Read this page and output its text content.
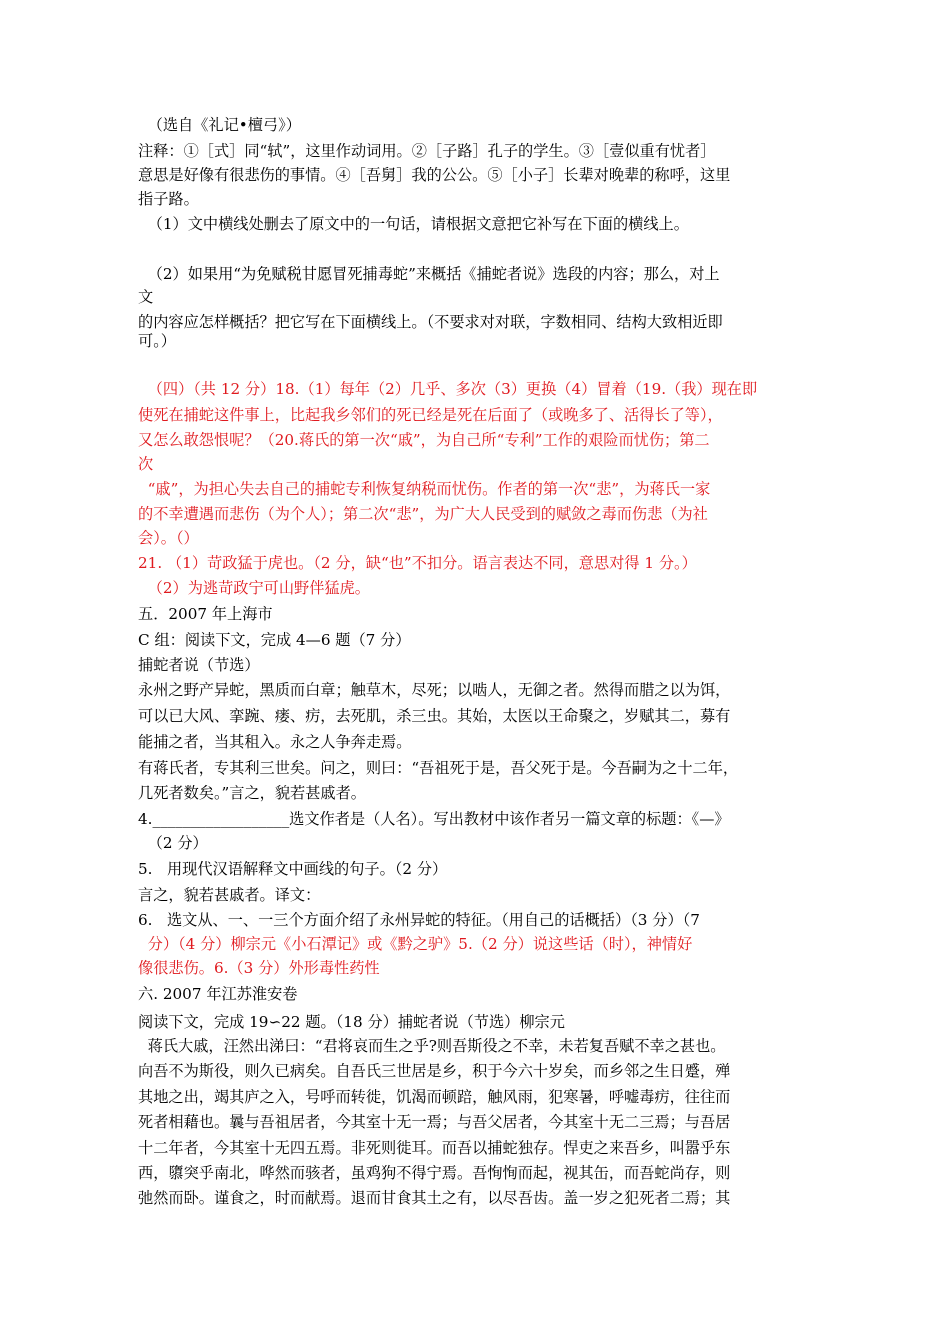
（选自《礼记•檀弓》）
注释：①［式］同“轼”，这里作动词用。②［子路］孔子的学生。③［壹似重有忧者］
意思是好像有很悲伤的事情。④［吾舅］我的公公。⑤［小子］长辈对晚辈的称呼，这里
指子路。
（1）文中横线处删去了原文中的一句话，请根据文意把它补写在下面的横线上。
（2）如果用“为免赋税甘愿冒死捕毒蛇”来概括《捕蛇者说》选段的内容；那么，对上
文
的内容应怎样概括？把它写在下面横线上。（不要求对对联，字数相同、结构大致相近即
可。）
（四）（共 12 分）18.（1）每年（2）几乎、多次（3）更换（4）冒着（19.（我）现在即
使死在捕蛇这件事上，比起我乡邻们的死已经是死在后面了（或晚多了、活得长了等），
又怎么敢怨恨呢？（20.蒋氏的第一次“戚”，为自己所“专利”工作的艰险而忧伤；第二
次
“戚”，为担心失去自己的捕蛇专利恢复纳税而忧伤。作者的第一次“悲”，为蒋氏一家
的不幸遭遇而悲伤（为个人）；第二次“悲”，为广大人民受到的赋敛之毒而伤悲（为社
会）。（）
21. （1）苛政猛于虎也。（2 分，缺“也”不扣分。语言表达不同，意思对得 1 分。）
（2）为逃苛政宁可山野伴猛虎。
五．2007 年上海市
C 组：阅读下文，完成 4—6 题（7 分）
捕蛇者说（节选）
永州之野产异蛇，黑质而白章；触草木，尽死；以啮人，无御之者。然得而腊之以为饵，
可以已大风、挛踠、瘘、疠，去死肌，杀三虫。其始，太医以王命聚之，岁赋其二，募有
能捕之者，当其租入。永之人争奔走焉。
有蒋氏者，专其利三世矣。问之，则曰：“吾祖死于是，吾父死于是。今吾嗣为之十二年，
几死者数矣。”言之，貌若甚戚者。
4.__________________选文作者是（人名）。写出教材中该作者另一篇文章的标题：《—》
（2 分）
5.   用现代汉语解释文中画线的句子。（2 分）
言之，貌若甚戚者。译文：
6.   选文从、一、一三个方面介绍了永州异蛇的特征。（用自己的话概括）（3 分）（7
分）（4 分）柳宗元《小石潭记》或《黔之驴》5.（2 分）说这些话（时），神情好
像很悲伤。6.（3 分）外形毒性药性
六. 2007 年江苏淮安卷
阅读下文，完成 19∽22 题。（18 分）捕蛇者说（节选）柳宗元
蒋氏大戚，汪然出涕曰：“君将哀而生之乎?则吾斯役之不幸，未若复吾赋不幸之甚也。
向吾不为斯役，则久已病矣。自吾氏三世居是乡，积于今六十岁矣，而乡邻之生日蹙，殚
其地之出，竭其庐之入，号呼而转徙，饥渴而顿踣，触风雨，犯寒暑，呼嘘毒疠，往往而
死者相藉也。曩与吾祖居者，今其室十无一焉；与吾父居者，今其室十无二三焉；与吾居
十二年者，今其室十无四五焉。非死则徙耳。而吾以捕蛇独存。悍吏之来吾乡，叫嚣乎东
西，隳突乎南北，哗然而骇者，虽鸡狗不得宁焉。吾恂恂而起，视其缶，而吾蛇尚存，则
弛然而卧。谨食之，时而献焉。退而甘食其土之有，以尽吾齿。盖一岁之犯死者二焉；其
